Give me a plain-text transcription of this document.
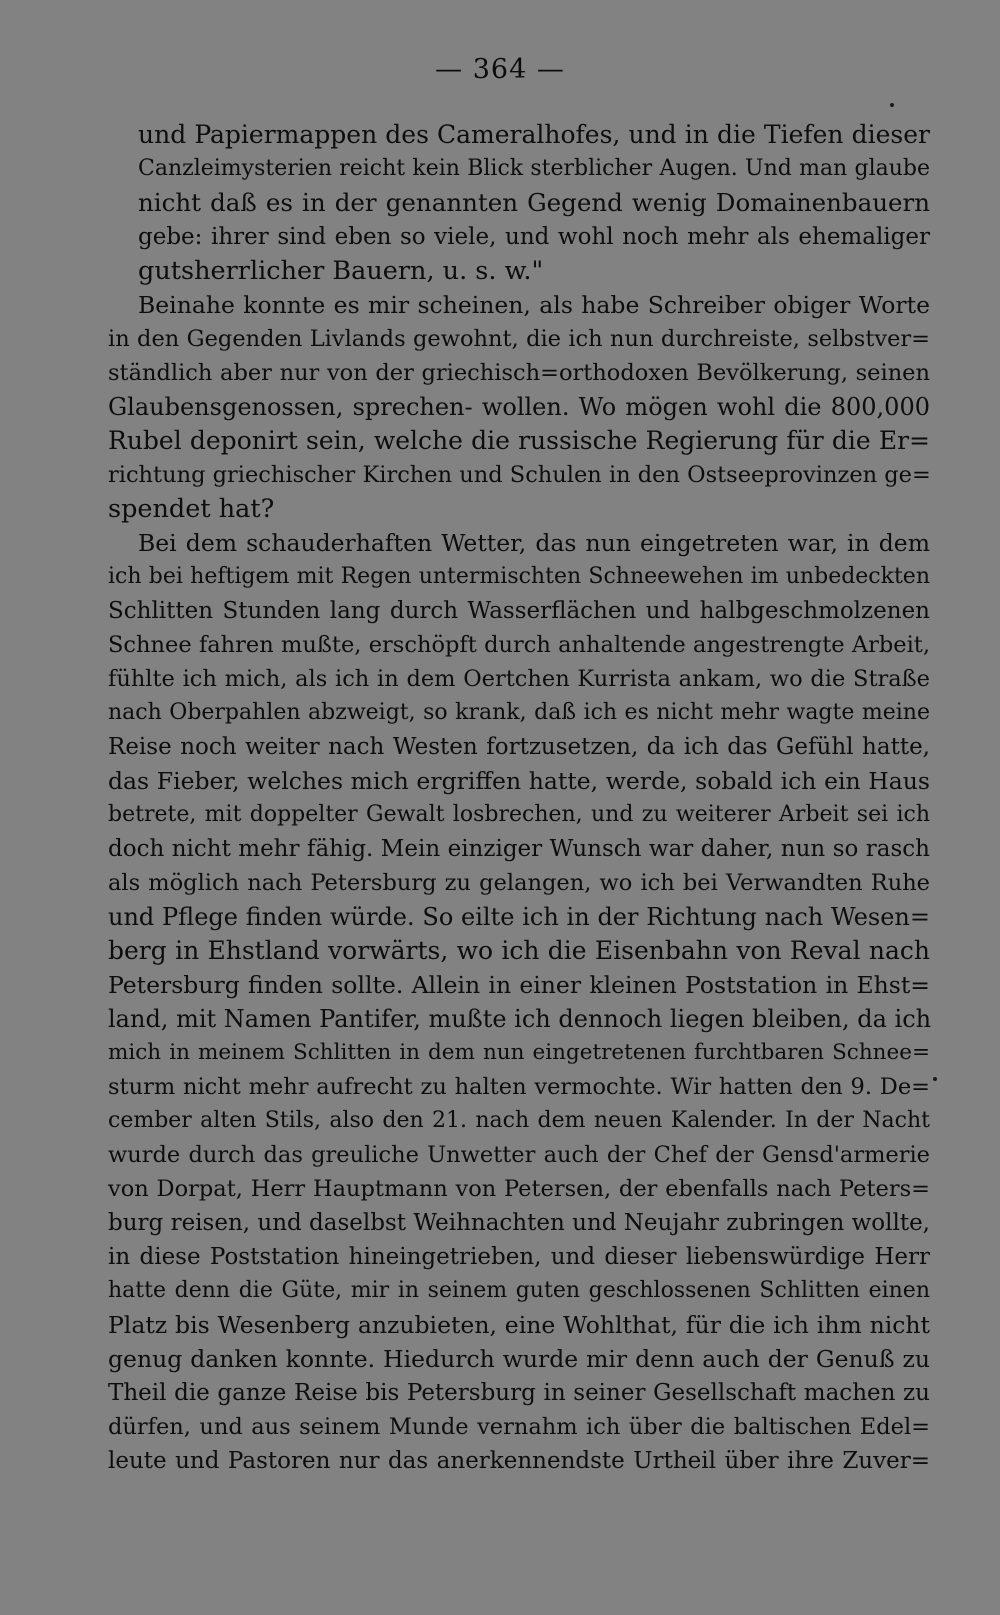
— 364 —
und Papiermappen des Cameralhofes, und in die Tiefen dieser
Canzleimysterien reicht kein Blick sterblicher Augen. Und man glaube
nicht daß es in der genannten Gegend wenig Domainenbauern
gebe: ihrer sind eben so viele, und wohl noch mehr als ehemaliger
gutsherrlicher Bauern, u. s. w."
Beinahe konnte es mir scheinen, als habe Schreiber obiger Worte
in den Gegenden Livlands gewohnt, die ich nun durchreiste, selbstver=
ständlich aber nur von der griechisch=orthodoxen Bevölkerung, seinen
Glaubensgenossen, sprechen- wollen. Wo mögen wohl die 800,000
Rubel deponirt sein, welche die russische Regierung für die Er=
richtung griechischer Kirchen und Schulen in den Ostseeprovinzen ge=
spendet hat?
Bei dem schauderhaften Wetter, das nun eingetreten war, in dem
ich bei heftigem mit Regen untermischten Schneewehen im unbedeckten
Schlitten Stunden lang durch Wasserflächen und halbgeschmolzenen
Schnee fahren mußte, erschöpft durch anhaltende angestrengte Arbeit,
fühlte ich mich, als ich in dem Oertchen Kurrista ankam, wo die Straße
nach Oberpahlen abzweigt, so krank, daß ich es nicht mehr wagte meine
Reise noch weiter nach Westen fortzusetzen, da ich das Gefühl hatte,
das Fieber, welches mich ergriffen hatte, werde, sobald ich ein Haus
betrete, mit doppelter Gewalt losbrechen, und zu weiterer Arbeit sei ich
doch nicht mehr fähig. Mein einziger Wunsch war daher, nun so rasch
als möglich nach Petersburg zu gelangen, wo ich bei Verwandten Ruhe
und Pflege finden würde. So eilte ich in der Richtung nach Wesen=
berg in Ehstland vorwärts, wo ich die Eisenbahn von Reval nach
Petersburg finden sollte. Allein in einer kleinen Poststation in Ehst=
land, mit Namen Pantifer, mußte ich dennoch liegen bleiben, da ich
mich in meinem Schlitten in dem nun eingetretenen furchtbaren Schnee=
sturm nicht mehr aufrecht zu halten vermochte. Wir hatten den 9. De=
cember alten Stils, also den 21. nach dem neuen Kalender. In der Nacht
wurde durch das greuliche Unwetter auch der Chef der Gensd'armerie
von Dorpat, Herr Hauptmann von Petersen, der ebenfalls nach Peters=
burg reisen, und daselbst Weihnachten und Neujahr zubringen wollte,
in diese Poststation hineingetrieben, und dieser liebenswürdige Herr
hatte denn die Güte, mir in seinem guten geschlossenen Schlitten einen
Platz bis Wesenberg anzubieten, eine Wohlthat, für die ich ihm nicht
genug danken konnte. Hiedurch wurde mir denn auch der Genuß zu
Theil die ganze Reise bis Petersburg in seiner Gesellschaft machen zu
dürfen, und aus seinem Munde vernahm ich über die baltischen Edel=
leute und Pastoren nur das anerkennendste Urtheil über ihre Zuver=
